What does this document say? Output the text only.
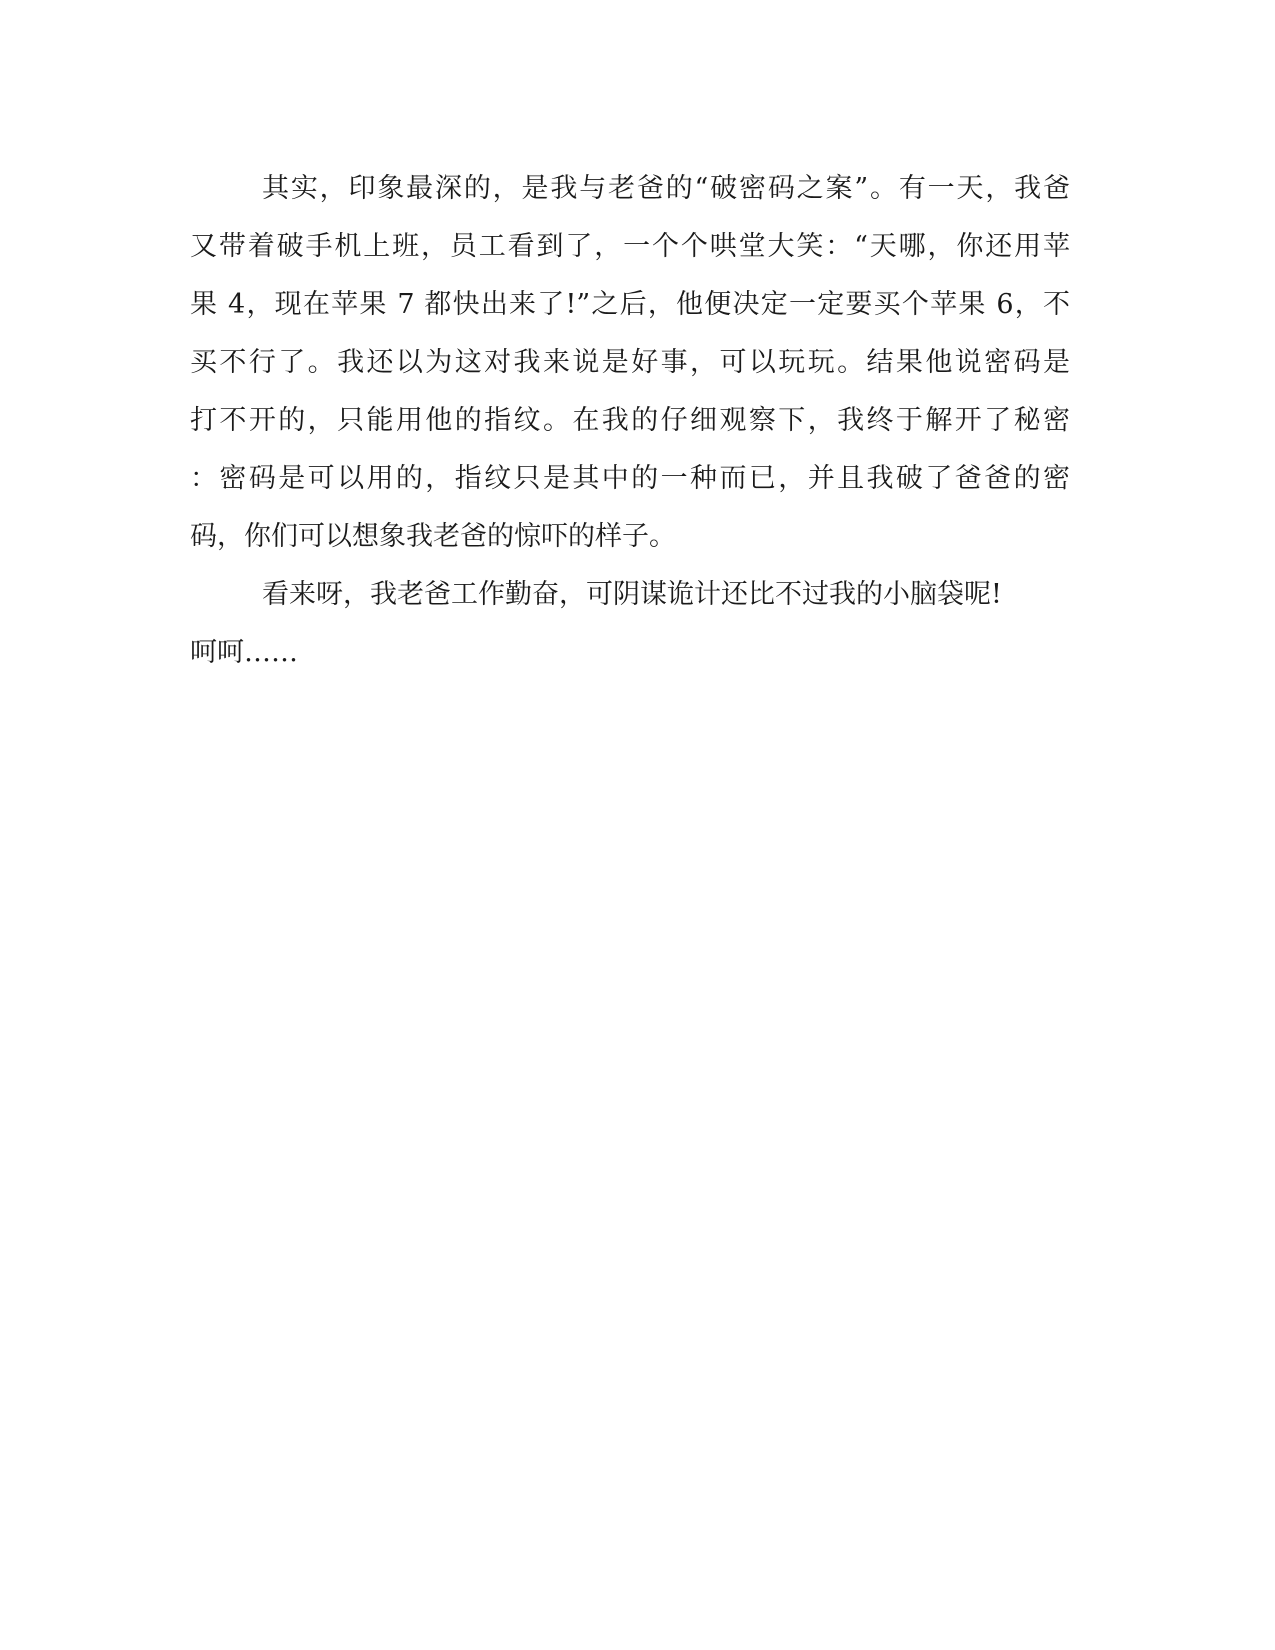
其实，印象最深的，是我与老爸的“破密码之案”。有一天，我爸
又带着破手机上班，员工看到了，一个个哄堂大笑：“天哪，你还用苹
果 4，现在苹果 7 都快出来了!”之后，他便决定一定要买个苹果 6，不
买不行了。我还以为这对我来说是好事，可以玩玩。结果他说密码是
打不开的，只能用他的指纹。在我的仔细观察下，我终于解开了秘密
：密码是可以用的，指纹只是其中的一种而已，并且我破了爸爸的密
码，你们可以想象我老爸的惊吓的样子。
看来呀，我老爸工作勤奋，可阴谋诡计还比不过我的小脑袋呢!
呵呵……
